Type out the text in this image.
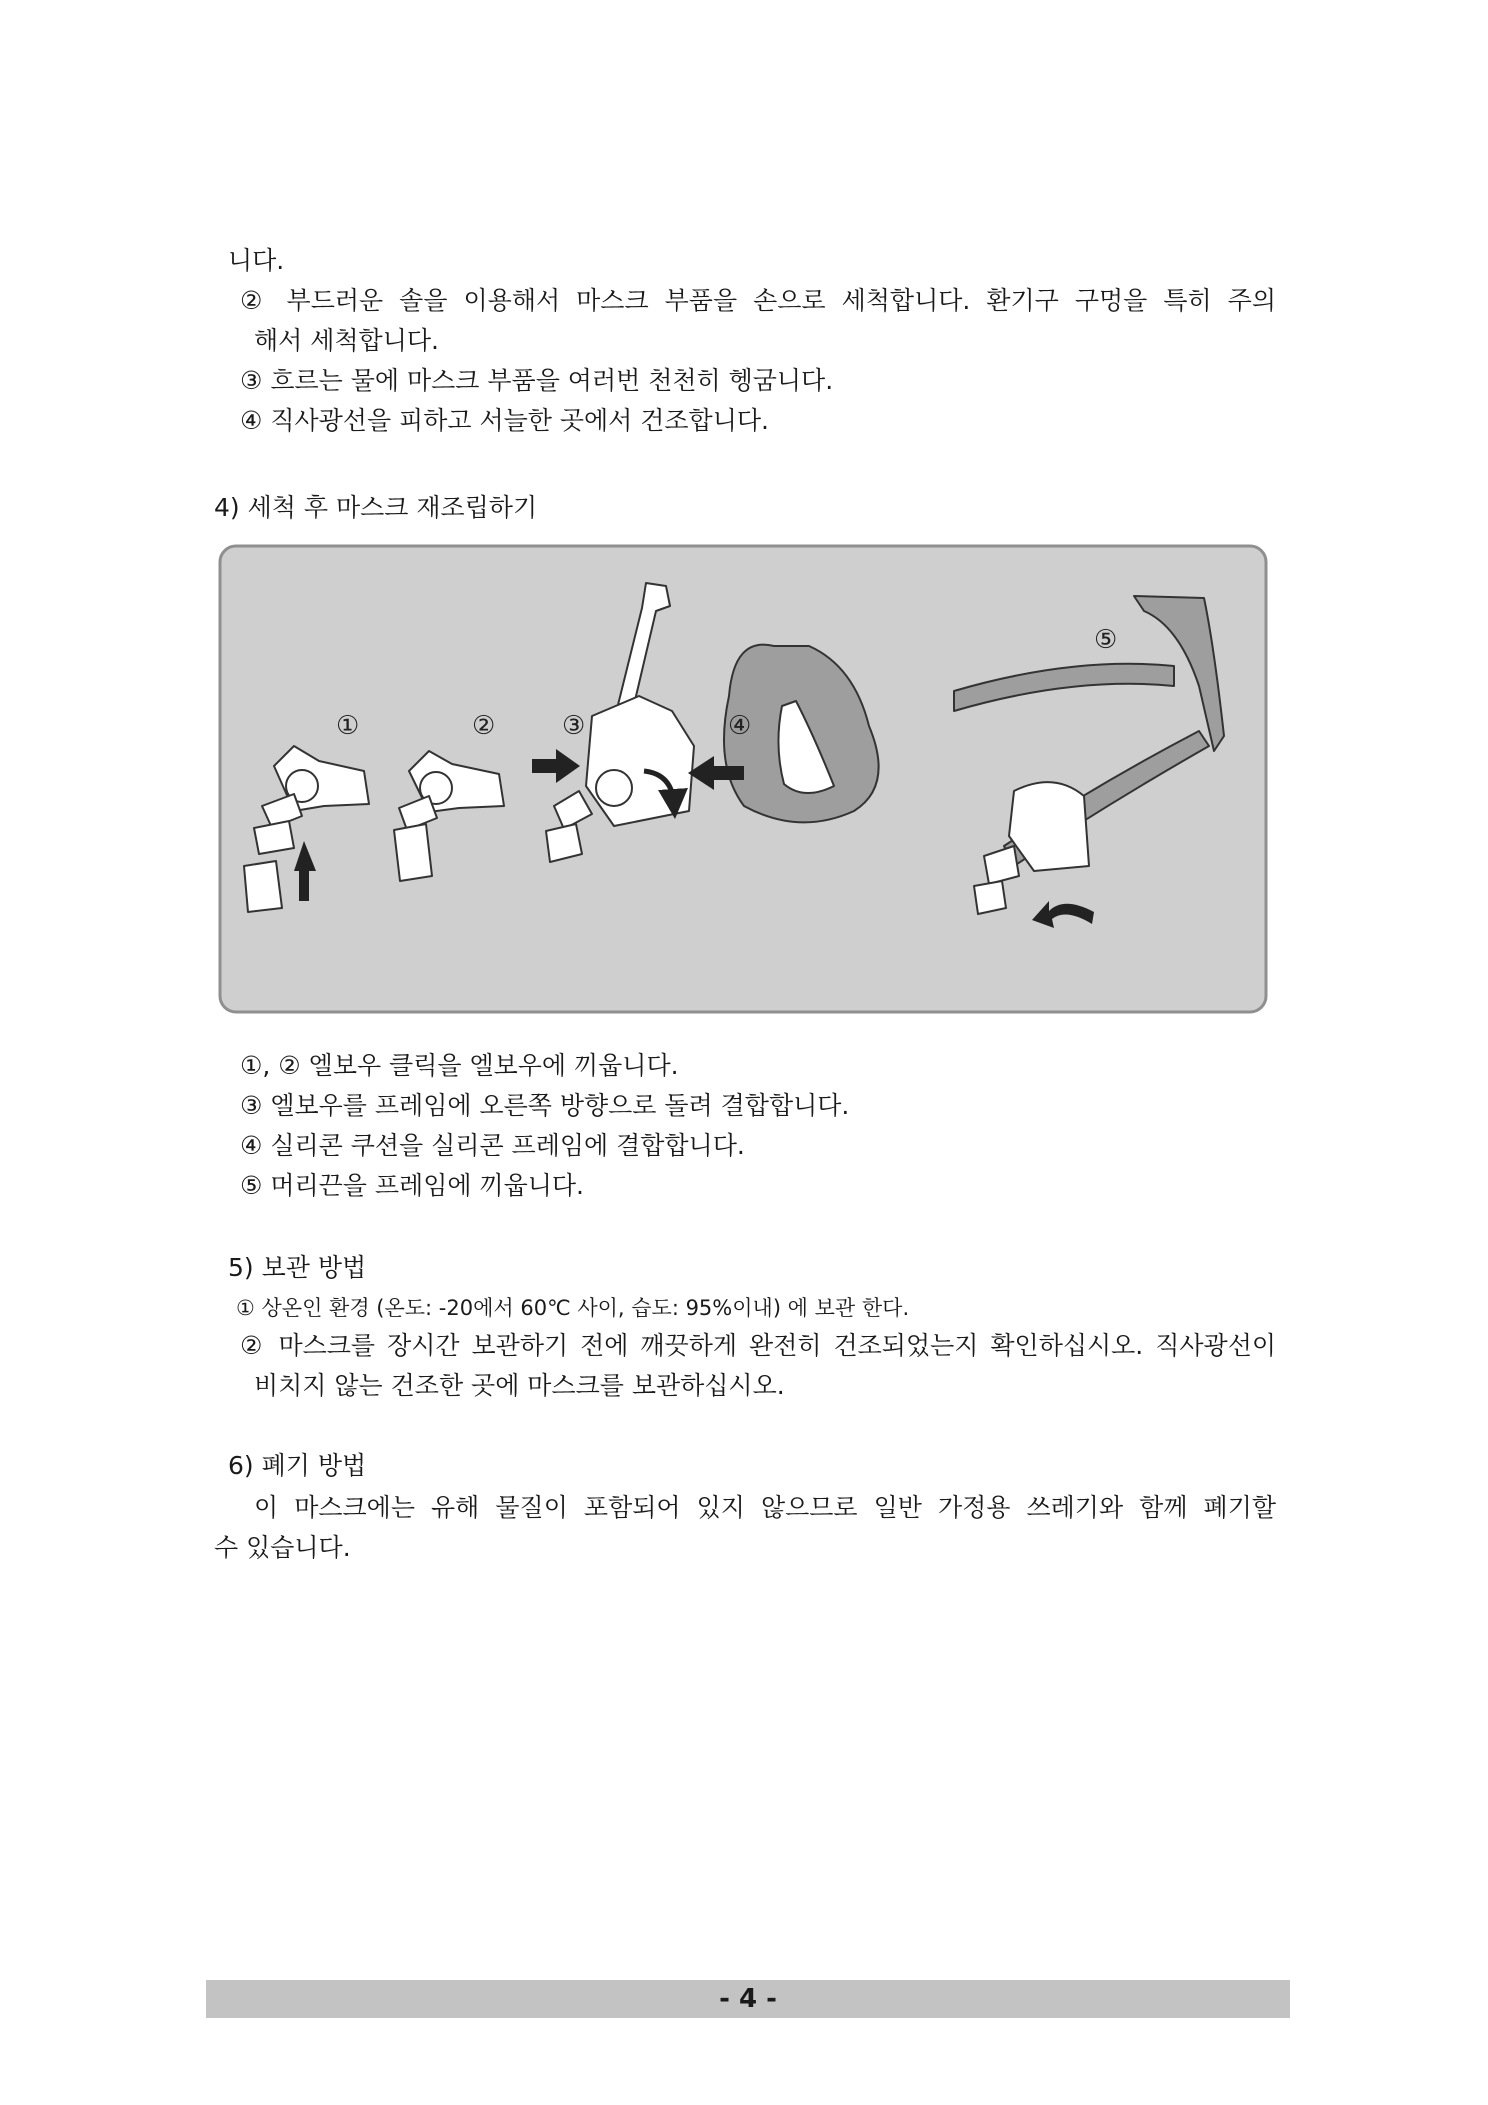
니다.
② 부드러운 솔을 이용해서 마스크 부품을 손으로 세척합니다. 환기구 구멍을 특히 주의
해서 세척합니다.
③ 흐르는 물에 마스크 부품을 여러번 천천히 헹굼니다.
④ 직사광선을 피하고 서늘한 곳에서 건조합니다.
4) 세척 후 마스크 재조립하기
①	②	③	④
⑤
①, ② 엘보우 클릭을 엘보우에 끼웁니다.
③ 엘보우를 프레임에 오른쪽 방향으로 돌려 결합합니다.
④ 실리콘 쿠션을 실리콘 프레임에 결합합니다.
⑤ 머리끈을 프레임에 끼웁니다.
5) 보관 방법
① 상온인 환경 (온도: -20에서 60℃ 사이, 습도: 95%이내) 에 보관 한다.
② 마스크를 장시간 보관하기 전에 깨끗하게 완전히 건조되었는지 확인하십시오. 직사광선이
비치지 않는 건조한 곳에 마스크를 보관하십시오.
6) 폐기 방법
이 마스크에는 유해 물질이 포함되어 있지 않으므로 일반 가정용 쓰레기와 함께 폐기할
수 있습니다.
- 4 -
